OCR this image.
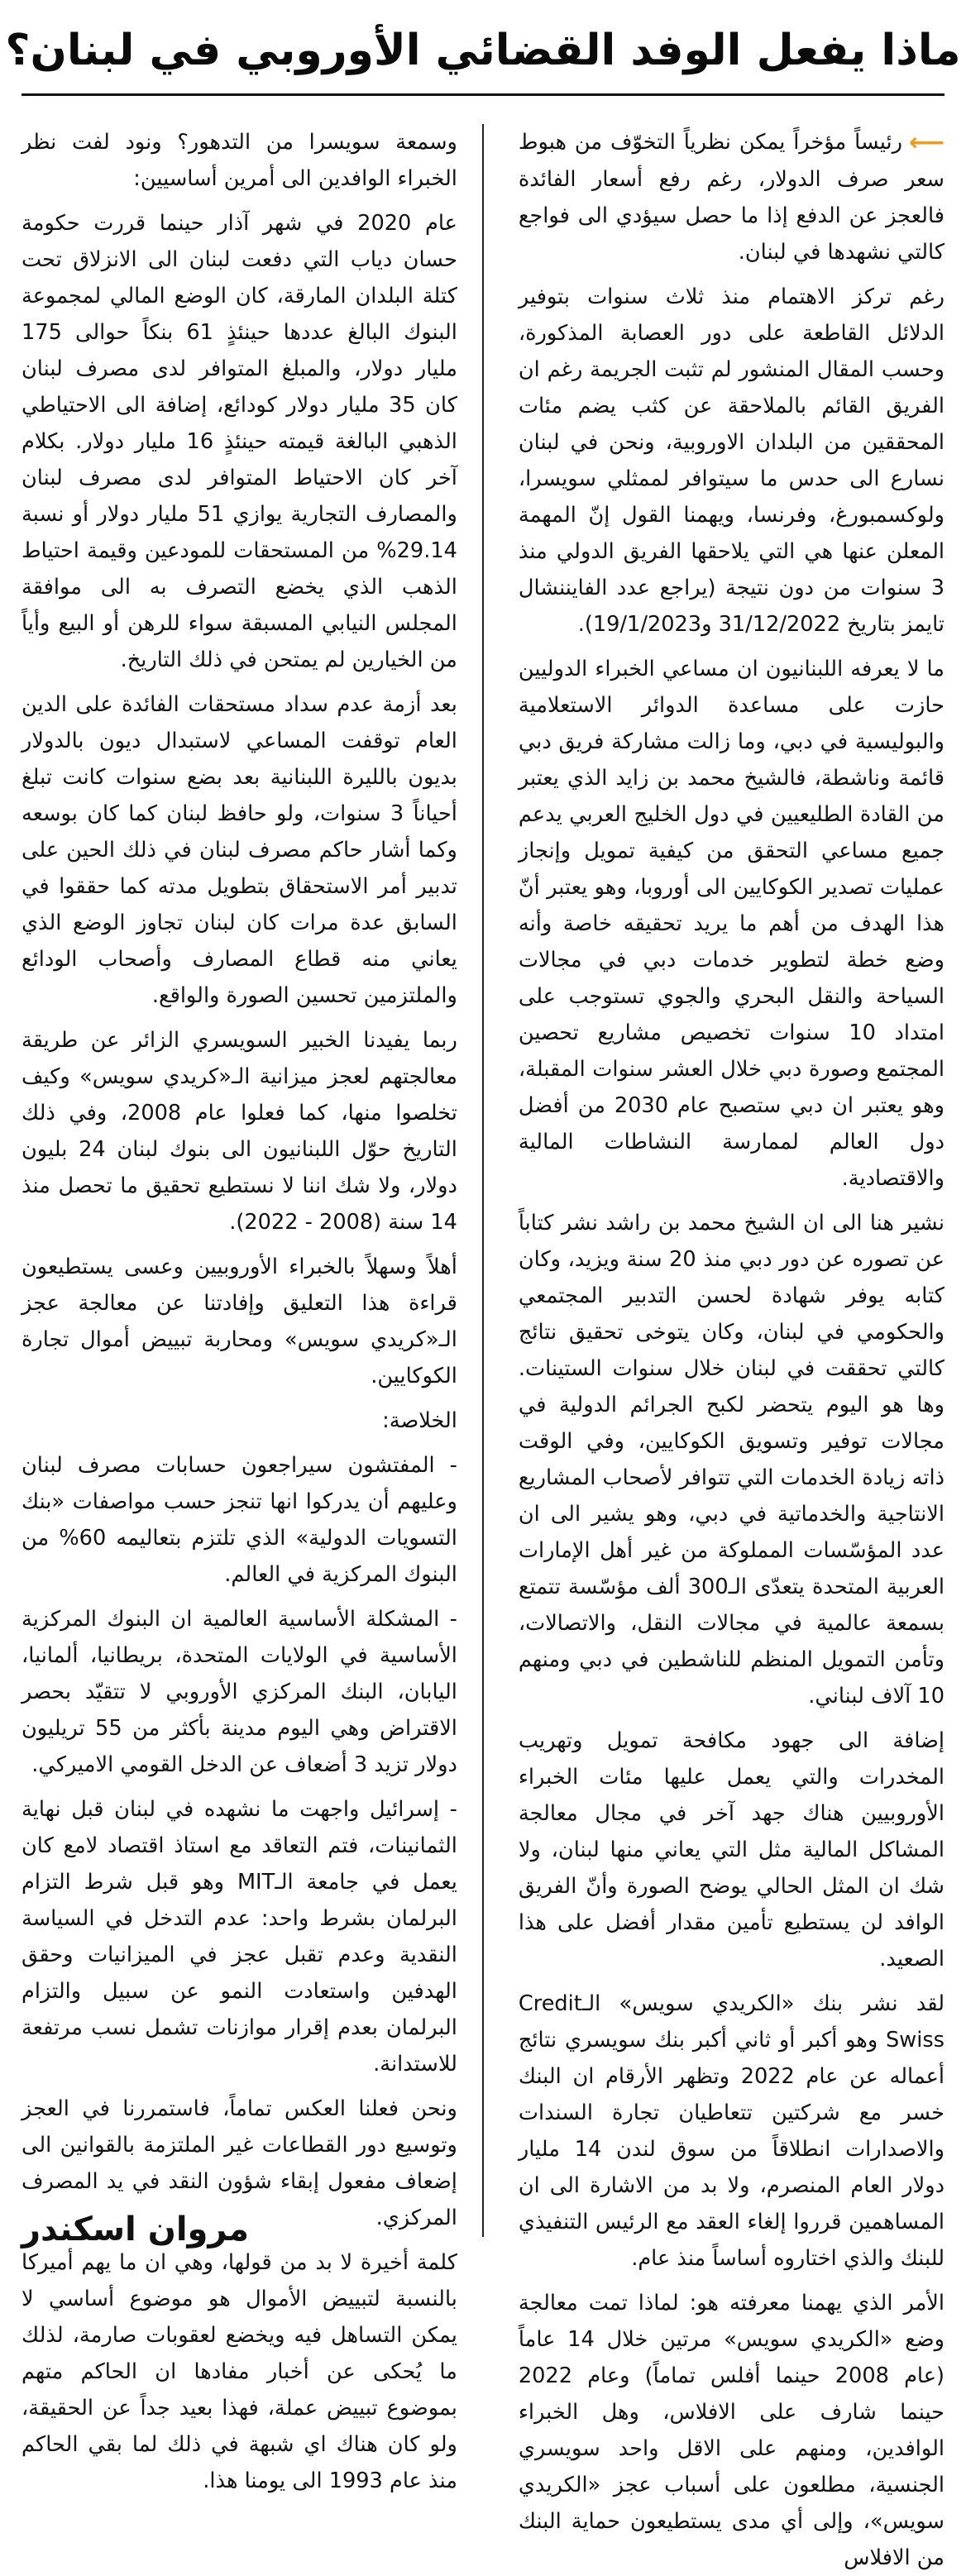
ماذا يفعل الوفد القضائي الأوروبي في لبنان؟

⟵رئيساً مؤخراً يمكن نظرياً التخوّف من هبوط سعر صرف الدولار، رغم رفع أسعار الفائدة فالعجز عن الدفع إذا ما حصل سيؤدي الى فواجع كالتي نشهدها في لبنان.

رغم تركز الاهتمام منذ ثلاث سنوات بتوفير الدلائل القاطعة على دور العصابة المذكورة، وحسب المقال المنشور لم تثبت الجريمة رغم ان الفريق القائم بالملاحقة عن كثب يضم مئات المحققين من البلدان الاوروبية، ونحن في لبنان نسارع الى حدس ما سيتوافر لممثلي سويسرا، ولوكسمبورغ، وفرنسا، ويهمنا القول إنّ المهمة المعلن عنها هي التي يلاحقها الفريق الدولي منذ 3 سنوات من دون نتيجة (يراجع عدد الفايننشال تايمز بتاريخ 31/12/2022 و19/1/2023).

ما لا يعرفه اللبنانيون ان مساعي الخبراء الدوليين حازت على مساعدة الدوائر الاستعلامية والبوليسية في دبي، وما زالت مشاركة فريق دبي قائمة وناشطة، فالشيخ محمد بن زايد الذي يعتبر من القادة الطليعيين في دول الخليج العربي يدعم جميع مساعي التحقق من كيفية تمويل وإنجاز عمليات تصدير الكوكايين الى أوروبا، وهو يعتبر أنّ هذا الهدف من أهم ما يريد تحقيقه خاصة وأنه وضع خطة لتطوير خدمات دبي في مجالات السياحة والنقل البحري والجوي تستوجب على امتداد 10 سنوات تخصيص مشاريع تحصين المجتمع وصورة دبي خلال العشر سنوات المقبلة، وهو يعتبر ان دبي ستصبح عام 2030 من أفضل دول العالم لممارسة النشاطات المالية والاقتصادية.

نشير هنا الى ان الشيخ محمد بن راشد نشر كتاباً عن تصوره عن دور دبي منذ 20 سنة ويزيد، وكان كتابه يوفر شهادة لحسن التدبير المجتمعي والحكومي في لبنان، وكان يتوخى تحقيق نتائج كالتي تحققت في لبنان خلال سنوات الستينات. وها هو اليوم يتحضر لكبح الجرائم الدولية في مجالات توفير وتسويق الكوكايين، وفي الوقت ذاته زيادة الخدمات التي تتوافر لأصحاب المشاريع الانتاجية والخدماتية في دبي، وهو يشير الى ان عدد المؤسّسات المملوكة من غير أهل الإمارات العربية المتحدة يتعدّى الـ300 ألف مؤسّسة تتمتع بسمعة عالمية في مجالات النقل، والاتصالات، وتأمن التمويل المنظم للناشطين في دبي ومنهم 10 آلاف لبناني.

إضافة الى جهود مكافحة تمويل وتهريب المخدرات والتي يعمل عليها مئات الخبراء الأوروبيين هناك جهد آخر في مجال معالجة المشاكل المالية مثل التي يعاني منها لبنان، ولا شك ان المثل الحالي يوضح الصورة وأنّ الفريق الوافد لن يستطيع تأمين مقدار أفضل على هذا الصعيد.

لقد نشر بنك «الكريدي سويس» الـCredit Swiss وهو أكبر أو ثاني أكبر بنك سويسري نتائج أعماله عن عام 2022 وتظهر الأرقام ان البنك خسر مع شركتين تتعاطيان تجارة السندات والاصدارات انطلاقاً من سوق لندن 14 مليار دولار العام المنصرم، ولا بد من الاشارة الى ان المساهمين قرروا إلغاء العقد مع الرئيس التنفيذي للبنك والذي اختاروه أساساً منذ عام.

الأمر الذي يهمنا معرفته هو: لماذا تمت معالجة وضع «الكريدي سويس» مرتين خلال 14 عاماً (عام 2008 حينما أفلس تماماً) وعام 2022 حينما شارف على الافلاس، وهل الخبراء الوافدين، ومنهم على الاقل واحد سويسري الجنسية، مطلعون على أسباب عجز «الكريدي سويس»، وإلى أي مدى يستطيعون حماية البنك من الافلاس

وسمعة سويسرا من التدهور؟ ونود لفت نظر الخبراء الوافدين الى أمرين أساسيين:

عام 2020 في شهر آذار حينما قررت حكومة حسان دياب التي دفعت لبنان الى الانزلاق تحت كتلة البلدان المارقة، كان الوضع المالي لمجموعة البنوك البالغ عددها حينئذٍ 61 بنكاً حوالى 175 مليار دولار، والمبلغ المتوافر لدى مصرف لبنان كان 35 مليار دولار كودائع، إضافة الى الاحتياطي الذهبي البالغة قيمته حينئذٍ 16 مليار دولار. بكلام آخر كان الاحتياط المتوافر لدى مصرف لبنان والمصارف التجارية يوازي 51 مليار دولار أو نسبة 29.14% من المستحقات للمودعين وقيمة احتياط الذهب الذي يخضع التصرف به الى موافقة المجلس النيابي المسبقة سواء للرهن أو البيع وأياً من الخيارين لم يمتحن في ذلك التاريخ.

بعد أزمة عدم سداد مستحقات الفائدة على الدين العام توقفت المساعي لاستبدال ديون بالدولار بديون بالليرة اللبنانية بعد بضع سنوات كانت تبلغ أحياناً 3 سنوات، ولو حافظ لبنان كما كان بوسعه وكما أشار حاكم مصرف لبنان في ذلك الحين على تدبير أمر الاستحقاق بتطويل مدته كما حققوا في السابق عدة مرات كان لبنان تجاوز الوضع الذي يعاني منه قطاع المصارف وأصحاب الودائع والملتزمين تحسين الصورة والواقع.

ربما يفيدنا الخبير السويسري الزائر عن طريقة معالجتهم لعجز ميزانية الـ«كريدي سويس» وكيف تخلصوا منها، كما فعلوا عام 2008، وفي ذلك التاريخ حوّل اللبنانيون الى بنوك لبنان 24 بليون دولار، ولا شك اننا لا نستطيع تحقيق ما تحصل منذ 14 سنة (2008 - 2022).

أهلاً وسهلاً بالخبراء الأوروبيين وعسى يستطيعون قراءة هذا التعليق وإفادتنا عن معالجة عجز الـ«كريدي سويس» ومحاربة تبييض أموال تجارة الكوكايين.

الخلاصة:

- المفتشون سيراجعون حسابات مصرف لبنان وعليهم أن يدركوا انها تنجز حسب مواصفات «بنك التسويات الدولية» الذي تلتزم بتعاليمه 60% من البنوك المركزية في العالم.

- المشكلة الأساسية العالمية ان البنوك المركزية الأساسية في الولايات المتحدة، بريطانيا، ألمانيا، اليابان، البنك المركزي الأوروبي لا تتقيّد بحصر الاقتراض وهي اليوم مدينة بأكثر من 55 تريليون دولار تزيد 3 أضعاف عن الدخل القومي الاميركي.

- إسرائيل واجهت ما نشهده في لبنان قبل نهاية الثمانينات، فتم التعاقد مع استاذ اقتصاد لامع كان يعمل في جامعة الـMIT وهو قبل شرط التزام البرلمان بشرط واحد: عدم التدخل في السياسة النقدية وعدم تقبل عجز في الميزانيات وحقق الهدفين واستعادت النمو عن سبيل والتزام البرلمان بعدم إقرار موازنات تشمل نسب مرتفعة للاستدانة.

ونحن فعلنا العكس تماماً، فاستمررنا في العجز وتوسيع دور القطاعات غير الملتزمة بالقوانين الى إضعاف مفعول إبقاء شؤون النقد في يد المصرف المركزي.

كلمة أخيرة لا بد من قولها، وهي ان ما يهم أميركا بالنسبة لتبييض الأموال هو موضوع أساسي لا يمكن التساهل فيه ويخضع لعقوبات صارمة، لذلك ما يُحكى عن أخبار مفادها ان الحاكم متهم بموضوع تبييض عملة، فهذا بعيد جداً عن الحقيقة، ولو كان هناك اي شبهة في ذلك لما بقي الحاكم منذ عام 1993 الى يومنا هذا.

مروان اسكندر
